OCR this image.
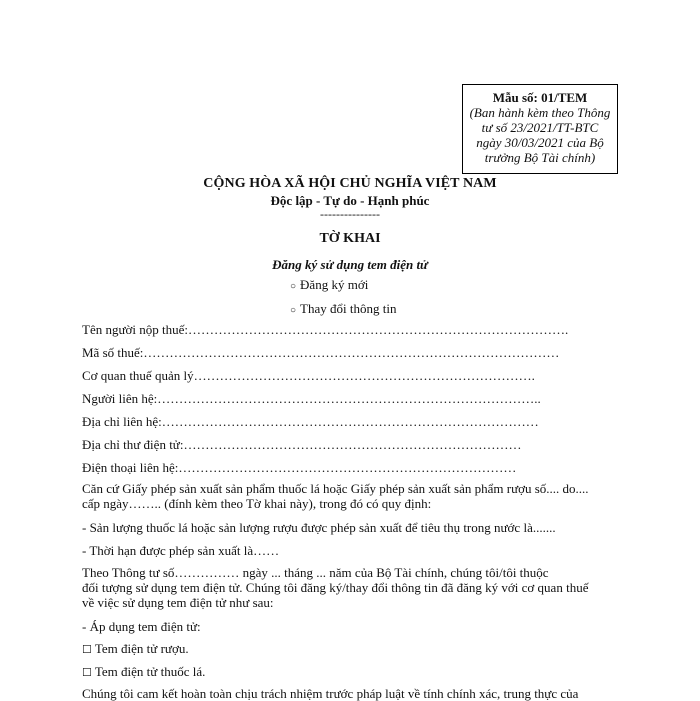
Mẫu số: 01/TEM
(Ban hành kèm theo Thông
tư số 23/2021/TT-BTC
ngày 30/03/2021 của Bộ
trưởng Bộ Tài chính)
CỘNG HÒA XÃ HỘI CHỦ NGHĨA VIỆT NAM
Độc lập - Tự do - Hạnh phúc
---------------
TỜ KHAI
Đăng ký sử dụng tem điện tử
○ Đăng ký mới
○ Thay đổi thông tin
Tên người nộp thuế:…………………………………………………………………………….
Mã số thuế:……………………………………………………………………………………
Cơ quan thuế quản lý…………………………………………………………………….
Người liên hệ:……………………………………………………………………………..
Địa chỉ liên hệ:……………………………………………………………………………
Địa chỉ thư điện tử:……………………………………………………………………
Điện thoại liên hệ:……………………………………………………………………
Căn cứ Giấy phép sản xuất sản phẩm thuốc lá hoặc Giấy phép sản xuất sản phẩm rượu số.... do....
cấp ngày…….. (đính kèm theo Tờ khai này), trong đó có quy định:
- Sản lượng thuốc lá hoặc sản lượng rượu được phép sản xuất để tiêu thụ trong nước là.......
- Thời hạn được phép sản xuất là……
Theo Thông tư số…………… ngày ... tháng ... năm của Bộ Tài chính, chúng tôi/tôi thuộc
đối tượng sử dụng tem điện tử. Chúng tôi đăng ký/thay đổi thông tin đã đăng ký với cơ quan thuế
về việc sử dụng tem điện tử như sau:
- Áp dụng tem điện tử:
☐ Tem điện tử rượu.
☐ Tem điện tử thuốc lá.
Chúng tôi cam kết hoàn toàn chịu trách nhiệm trước pháp luật về tính chính xác, trung thực của
